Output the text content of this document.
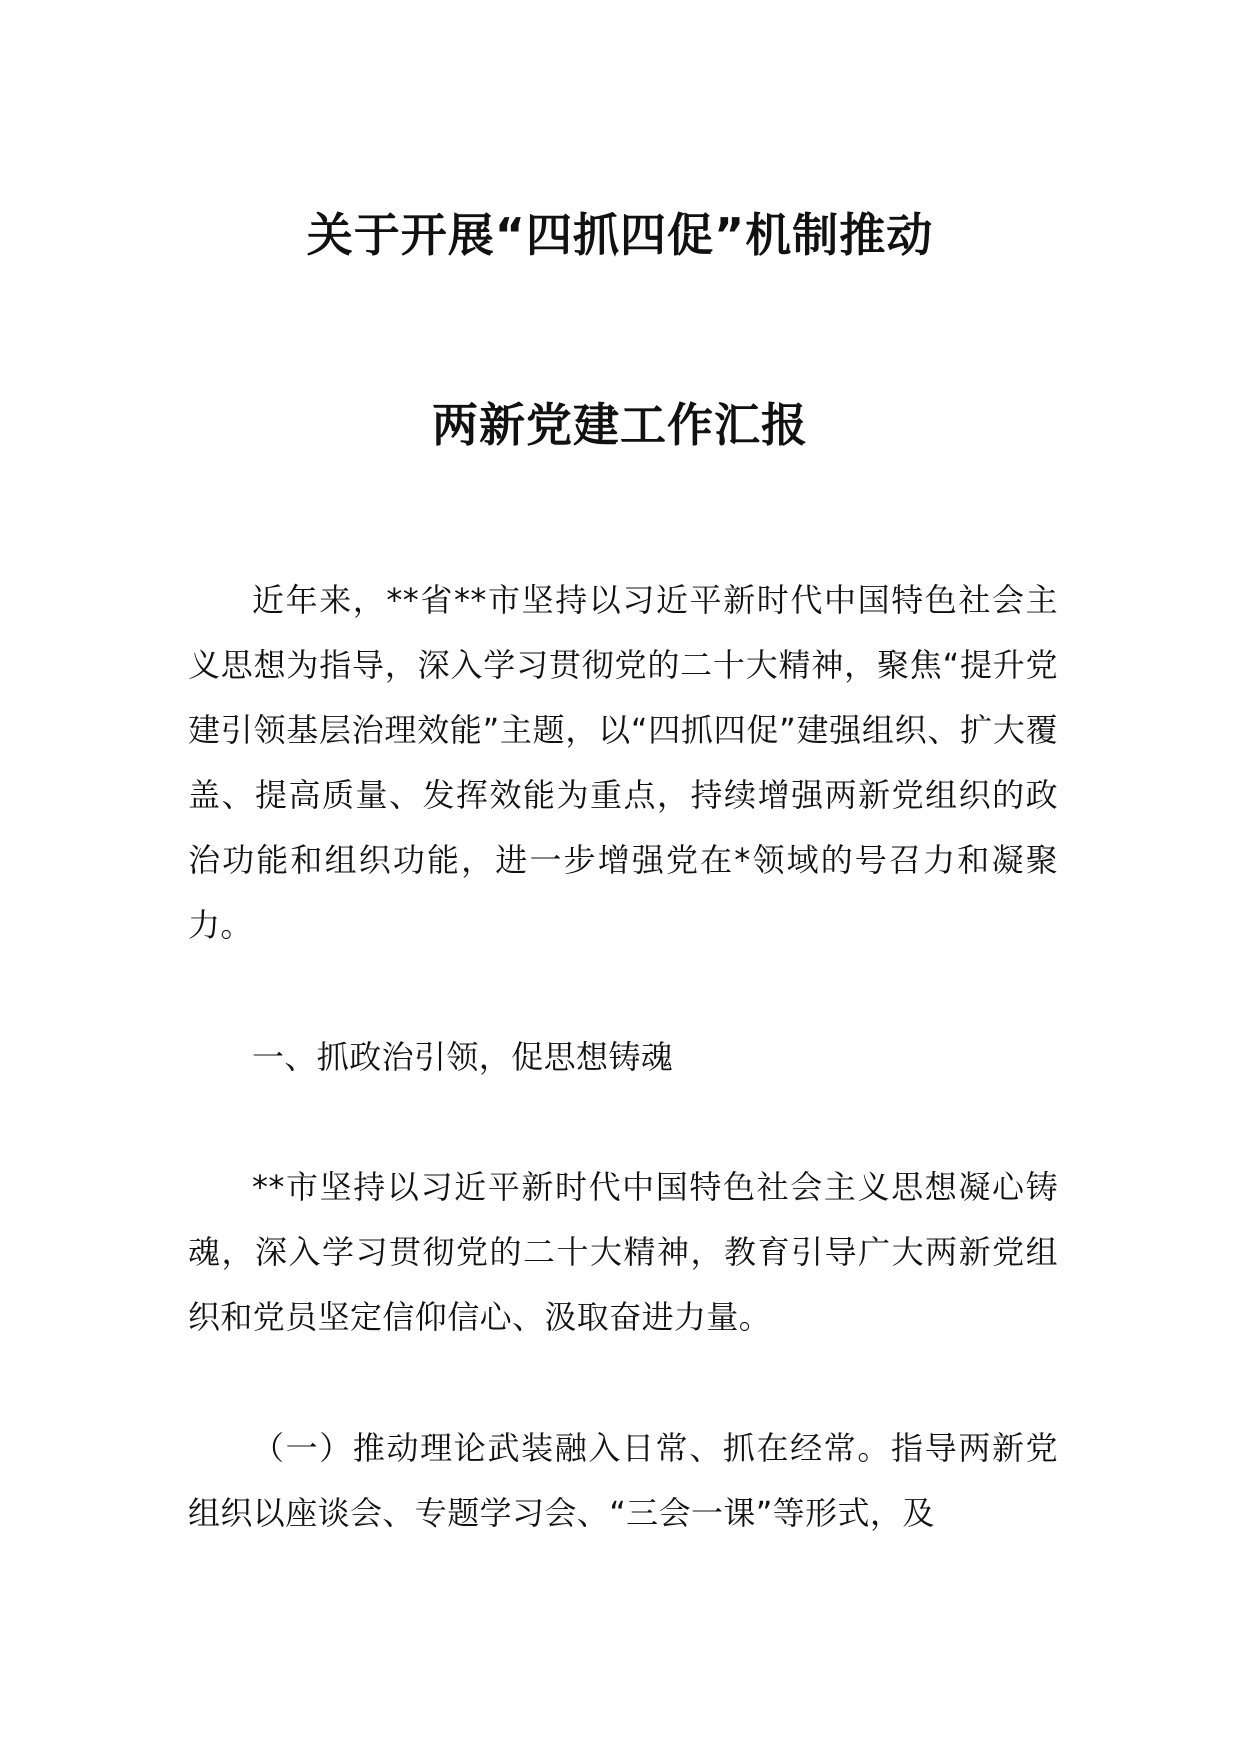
关于开展“四抓四促”机制推动
两新党建工作汇报

近年来，**省**市坚持以习近平新时代中国特色社会主义思想为指导，深入学习贯彻党的二十大精神，聚焦“提升党建引领基层治理效能”主题，以“四抓四促”建强组织、扩大覆盖、提高质量、发挥效能为重点，持续增强两新党组织的政治功能和组织功能，进一步增强党在*领域的号召力和凝聚力。

一、抓政治引领，促思想铸魂

**市坚持以习近平新时代中国特色社会主义思想凝心铸魂，深入学习贯彻党的二十大精神，教育引导广大两新党组织和党员坚定信仰信心、汲取奋进力量。

（一）推动理论武装融入日常、抓在经常。指导两新党组织以座谈会、专题学习会、“三会一课”等形式，及
